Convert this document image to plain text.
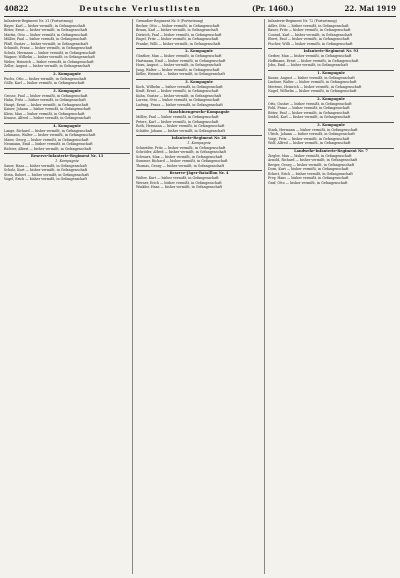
40822	Deutsche Verlustlisten	(Pr. 1460.)	22. Mai 1919
Infanterie-Regiment Nr. 31 (Fortsetzung)
Bayer, Karl — bisher vermißt, in Gefangenschaft
Bitter, Ernst — bisher vermißt, in Gefangenschaft
Martin, Otto — bisher vermißt, in Gefangenschaft
Müller, Paul — bisher vermißt, in Gefangenschaft
Pfaff, Gustav — bisher vermißt, in Gefangenschaft
Schmidt, Franz — bisher vermißt, in Gefangenschaft
Schulz, Hermann — bisher vermißt, in Gefangenschaft
Wagner, Wilhelm — bisher vermißt, in Gefangenschaft
Weber, Heinrich — bisher vermißt, in Gefangenschaft
Zeller, August — bisher vermißt, in Gefangenschaft
2. Kompagnie
Fuchs, Otto — bisher vermißt, in Gefangenschaft
Gölle, Karl — bisher vermißt, in Gefangenschaft
3. Kompagnie
Grosse, Paul — bisher vermißt, in Gefangenschaft
Hahn, Fritz — bisher vermißt, in Gefangenschaft
Haupt, Ernst — bisher vermißt, in Gefangenschaft
Kaiser, Johann — bisher vermißt, in Gefangenschaft
Klein, Max — bisher vermißt, in Gefangenschaft
Krause, Alfred — bisher vermißt, in Gefangenschaft
4. Kompagnie
Lange, Richard — bisher vermißt, in Gefangenschaft
Lehmann, Walter — bisher vermißt, in Gefangenschaft
Maier, Georg — bisher vermißt, in Gefangenschaft
Neumann, Emil — bisher vermißt, in Gefangenschaft
Richter, Albert — bisher vermißt, in Gefangenschaft
Reserve-Infanterie-Regiment Nr. 13
1. Kompagnie
Sauer, Hans — bisher vermißt, in Gefangenschaft
Scholz, Kurt — bisher vermißt, in Gefangenschaft
Stein, Robert — bisher vermißt, in Gefangenschaft
Vogel, Erich — bisher vermißt, in Gefangenschaft
Grenadier-Regiment Nr. 8 (Fortsetzung)
Becker, Otto — bisher vermißt, in Gefangenschaft
Braun, Karl — bisher vermißt, in Gefangenschaft
Dietrich, Paul — bisher vermißt, in Gefangenschaft
Engel, Fritz — bisher vermißt, in Gefangenschaft
Franke, Willi — bisher vermißt, in Gefangenschaft
2. Kompagnie
Günther, Max — bisher vermißt, in Gefangenschaft
Hartmann, Emil — bisher vermißt, in Gefangenschaft
Horn, August — bisher vermißt, in Gefangenschaft
Jung, Walter — bisher vermißt, in Gefangenschaft
Keller, Heinrich — bisher vermißt, in Gefangenschaft
3. Kompagnie
Koch, Wilhelm — bisher vermißt, in Gefangenschaft
Kraft, Ernst — bisher vermißt, in Gefangenschaft
Kuhn, Gustav — bisher vermißt, in Gefangenschaft
Lorenz, Otto — bisher vermißt, in Gefangenschaft
Ludwig, Franz — bisher vermißt, in Gefangenschaft
Maschinengewehr-Kompagnie
Möller, Paul — bisher vermißt, in Gefangenschaft
Peters, Karl — bisher vermißt, in Gefangenschaft
Roth, Hermann — bisher vermißt, in Gefangenschaft
Schäfer, Johann — bisher vermißt, in Gefangenschaft
Infanterie-Regiment Nr. 26
1. Kompagnie
Schneider, Fritz — bisher vermißt, in Gefangenschaft
Schröder, Alfred — bisher vermißt, in Gefangenschaft
Schwarz, Max — bisher vermißt, in Gefangenschaft
Sommer, Richard — bisher vermißt, in Gefangenschaft
Thomas, Georg — bisher vermißt, in Gefangenschaft
Reserve-Jäger-Bataillon Nr. 4
Walter, Kurt — bisher vermißt, in Gefangenschaft
Werner, Erich — bisher vermißt, in Gefangenschaft
Winkler, Hans — bisher vermißt, in Gefangenschaft
Infanterie-Regiment Nr. 72 (Fortsetzung)
Adler, Otto — bisher vermißt, in Gefangenschaft
Bauer, Fritz — bisher vermißt, in Gefangenschaft
Conrad, Karl — bisher vermißt, in Gefangenschaft
Ebert, Paul — bisher vermißt, in Gefangenschaft
Fischer, Willi — bisher vermißt, in Gefangenschaft
Infanterie-Regiment Nr. 93
Gerber, Max — bisher vermißt, in Gefangenschaft
Hoffmann, Ernst — bisher vermißt, in Gefangenschaft
John, Emil — bisher vermißt, in Gefangenschaft
1. Kompagnie
Kunze, August — bisher vermißt, in Gefangenschaft
Lindner, Walter — bisher vermißt, in Gefangenschaft
Mertens, Heinrich — bisher vermißt, in Gefangenschaft
Nagel, Wilhelm — bisher vermißt, in Gefangenschaft
2. Kompagnie
Otto, Gustav — bisher vermißt, in Gefangenschaft
Pohl, Franz — bisher vermißt, in Gefangenschaft
Ritter, Paul — bisher vermißt, in Gefangenschaft
Seidel, Karl — bisher vermißt, in Gefangenschaft
3. Kompagnie
Stark, Hermann — bisher vermißt, in Gefangenschaft
Ulrich, Johann — bisher vermißt, in Gefangenschaft
Voigt, Fritz — bisher vermißt, in Gefangenschaft
Wolf, Alfred — bisher vermißt, in Gefangenschaft
Landwehr-Infanterie-Regiment Nr. 7
Ziegler, Max — bisher vermißt, in Gefangenschaft
Arnold, Richard — bisher vermißt, in Gefangenschaft
Berger, Georg — bisher vermißt, in Gefangenschaft
Dorn, Kurt — bisher vermißt, in Gefangenschaft
Eckert, Erich — bisher vermißt, in Gefangenschaft
Frey, Hans — bisher vermißt, in Gefangenschaft
Graf, Otto — bisher vermißt, in Gefangenschaft
